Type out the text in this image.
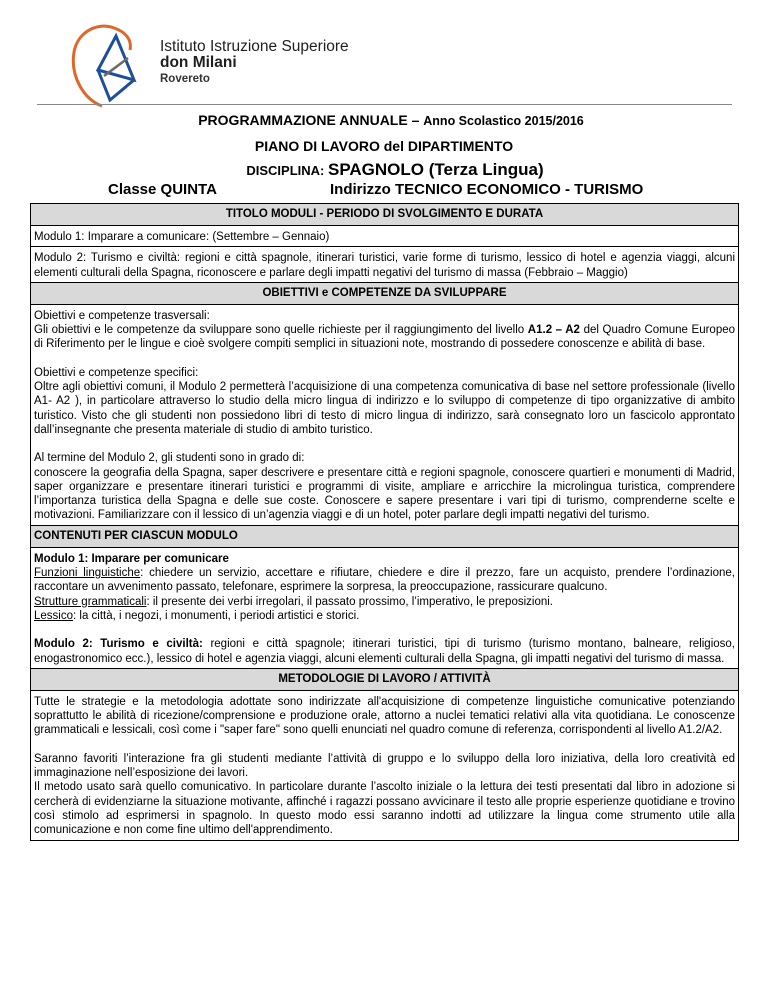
Istituto Istruzione Superiore
don Milani
Rovereto
PROGRAMMAZIONE ANNUALE – Anno Scolastico 2015/2016
PIANO DI LAVORO del DIPARTIMENTO
DISCIPLINA: SPAGNOLO (Terza Lingua)
Classe QUINTA	Indirizzo TECNICO ECONOMICO - TURISMO
TITOLO MODULI - PERIODO DI SVOLGIMENTO E DURATA

Modulo 1: Imparare a comunicare: (Settembre – Gennaio)

Modulo 2: Turismo e civiltà: regioni e città spagnole, itinerari turistici, varie forme di turismo, lessico di hotel e agenzia viaggi, alcuni elementi culturali della Spagna, riconoscere e parlare degli impatti negativi del turismo di massa (Febbraio – Maggio)

OBIETTIVI e COMPETENZE DA SVILUPPARE

Obiettivi e competenze trasversali:

Gli obiettivi e le competenze da sviluppare sono quelle richieste per il raggiungimento del livello A1.2 – A2 del Quadro Comune Europeo di Riferimento per le lingue e cioè svolgere compiti semplici in situazioni note, mostrando di possedere conoscenze e abilità di base.

Obiettivi e competenze specifici:

Oltre agli obiettivi comuni, il Modulo 2 permetterà l’acquisizione di una competenza comunicativa di base nel settore professionale (livello A1- A2 ), in particolare attraverso lo studio della micro lingua di indirizzo e lo sviluppo di competenze di tipo organizzative di ambito turistico. Visto che gli studenti non possiedono libri di testo di micro lingua di indirizzo, sarà consegnato loro un fascicolo approntato dall’insegnante che presenta materiale di studio di ambito turistico.

Al termine del Modulo 2, gli studenti sono in grado di:

conoscere la geografia della Spagna, saper descrivere e presentare città e regioni spagnole, conoscere quartieri e monumenti di Madrid, saper organizzare e presentare itinerari turistici e programmi di visite, ampliare e arricchire la microlingua turistica, comprendere l’importanza turistica della Spagna e delle sue coste. Conoscere e sapere presentare i vari tipi di turismo, comprenderne scelte e motivazioni. Familiarizzare con il lessico di un’agenzia viaggi e di un hotel, poter parlare degli impatti negativi del turismo.

CONTENUTI PER CIASCUN MODULO

Modulo 1: Imparare per comunicare

Funzioni linguistiche: chiedere un servizio, accettare e rifiutare, chiedere e dire il prezzo, fare un acquisto, prendere l’ordinazione, raccontare un avvenimento passato, telefonare, esprimere la sorpresa, la preoccupazione, rassicurare qualcuno.

Strutture grammaticali: il presente dei verbi irregolari, il passato prossimo, l’imperativo, le preposizioni.

Lessico: la città, i negozi, i monumenti, i periodi artistici e storici.

Modulo 2: Turismo e civiltà: regioni e città spagnole; itinerari turistici, tipi di turismo (turismo montano, balneare, religioso, enogastronomico ecc.), lessico di hotel e agenzia viaggi, alcuni elementi culturali della Spagna, gli impatti negativi del turismo di massa.

METODOLOGIE DI LAVORO / ATTIVITÀ

Tutte le strategie e la metodologia adottate sono indirizzate all'acquisizione di competenze linguistiche comunicative potenziando soprattutto le abilità di ricezione/comprensione e produzione orale, attorno a nuclei tematici relativi alla vita quotidiana. Le conoscenze grammaticali e lessicali, così come i "saper fare" sono quelli enunciati nel quadro comune di referenza, corrispondenti al livello A1.2/A2.

Saranno favoriti l’interazione fra gli studenti mediante l’attività di gruppo e lo sviluppo della loro iniziativa, della loro creatività ed immaginazione nell’esposizione dei lavori.

Il metodo usato sarà quello comunicativo. In particolare durante l’ascolto iniziale o la lettura dei testi presentati dal libro in adozione si cercherà di evidenziarne la situazione motivante, affinché i ragazzi possano avvicinare il testo alle proprie esperienze quotidiane e trovino così stimolo ad esprimersi in spagnolo. In questo modo essi saranno indotti ad utilizzare la lingua come strumento utile alla comunicazione e non come fine ultimo dell'apprendimento.
